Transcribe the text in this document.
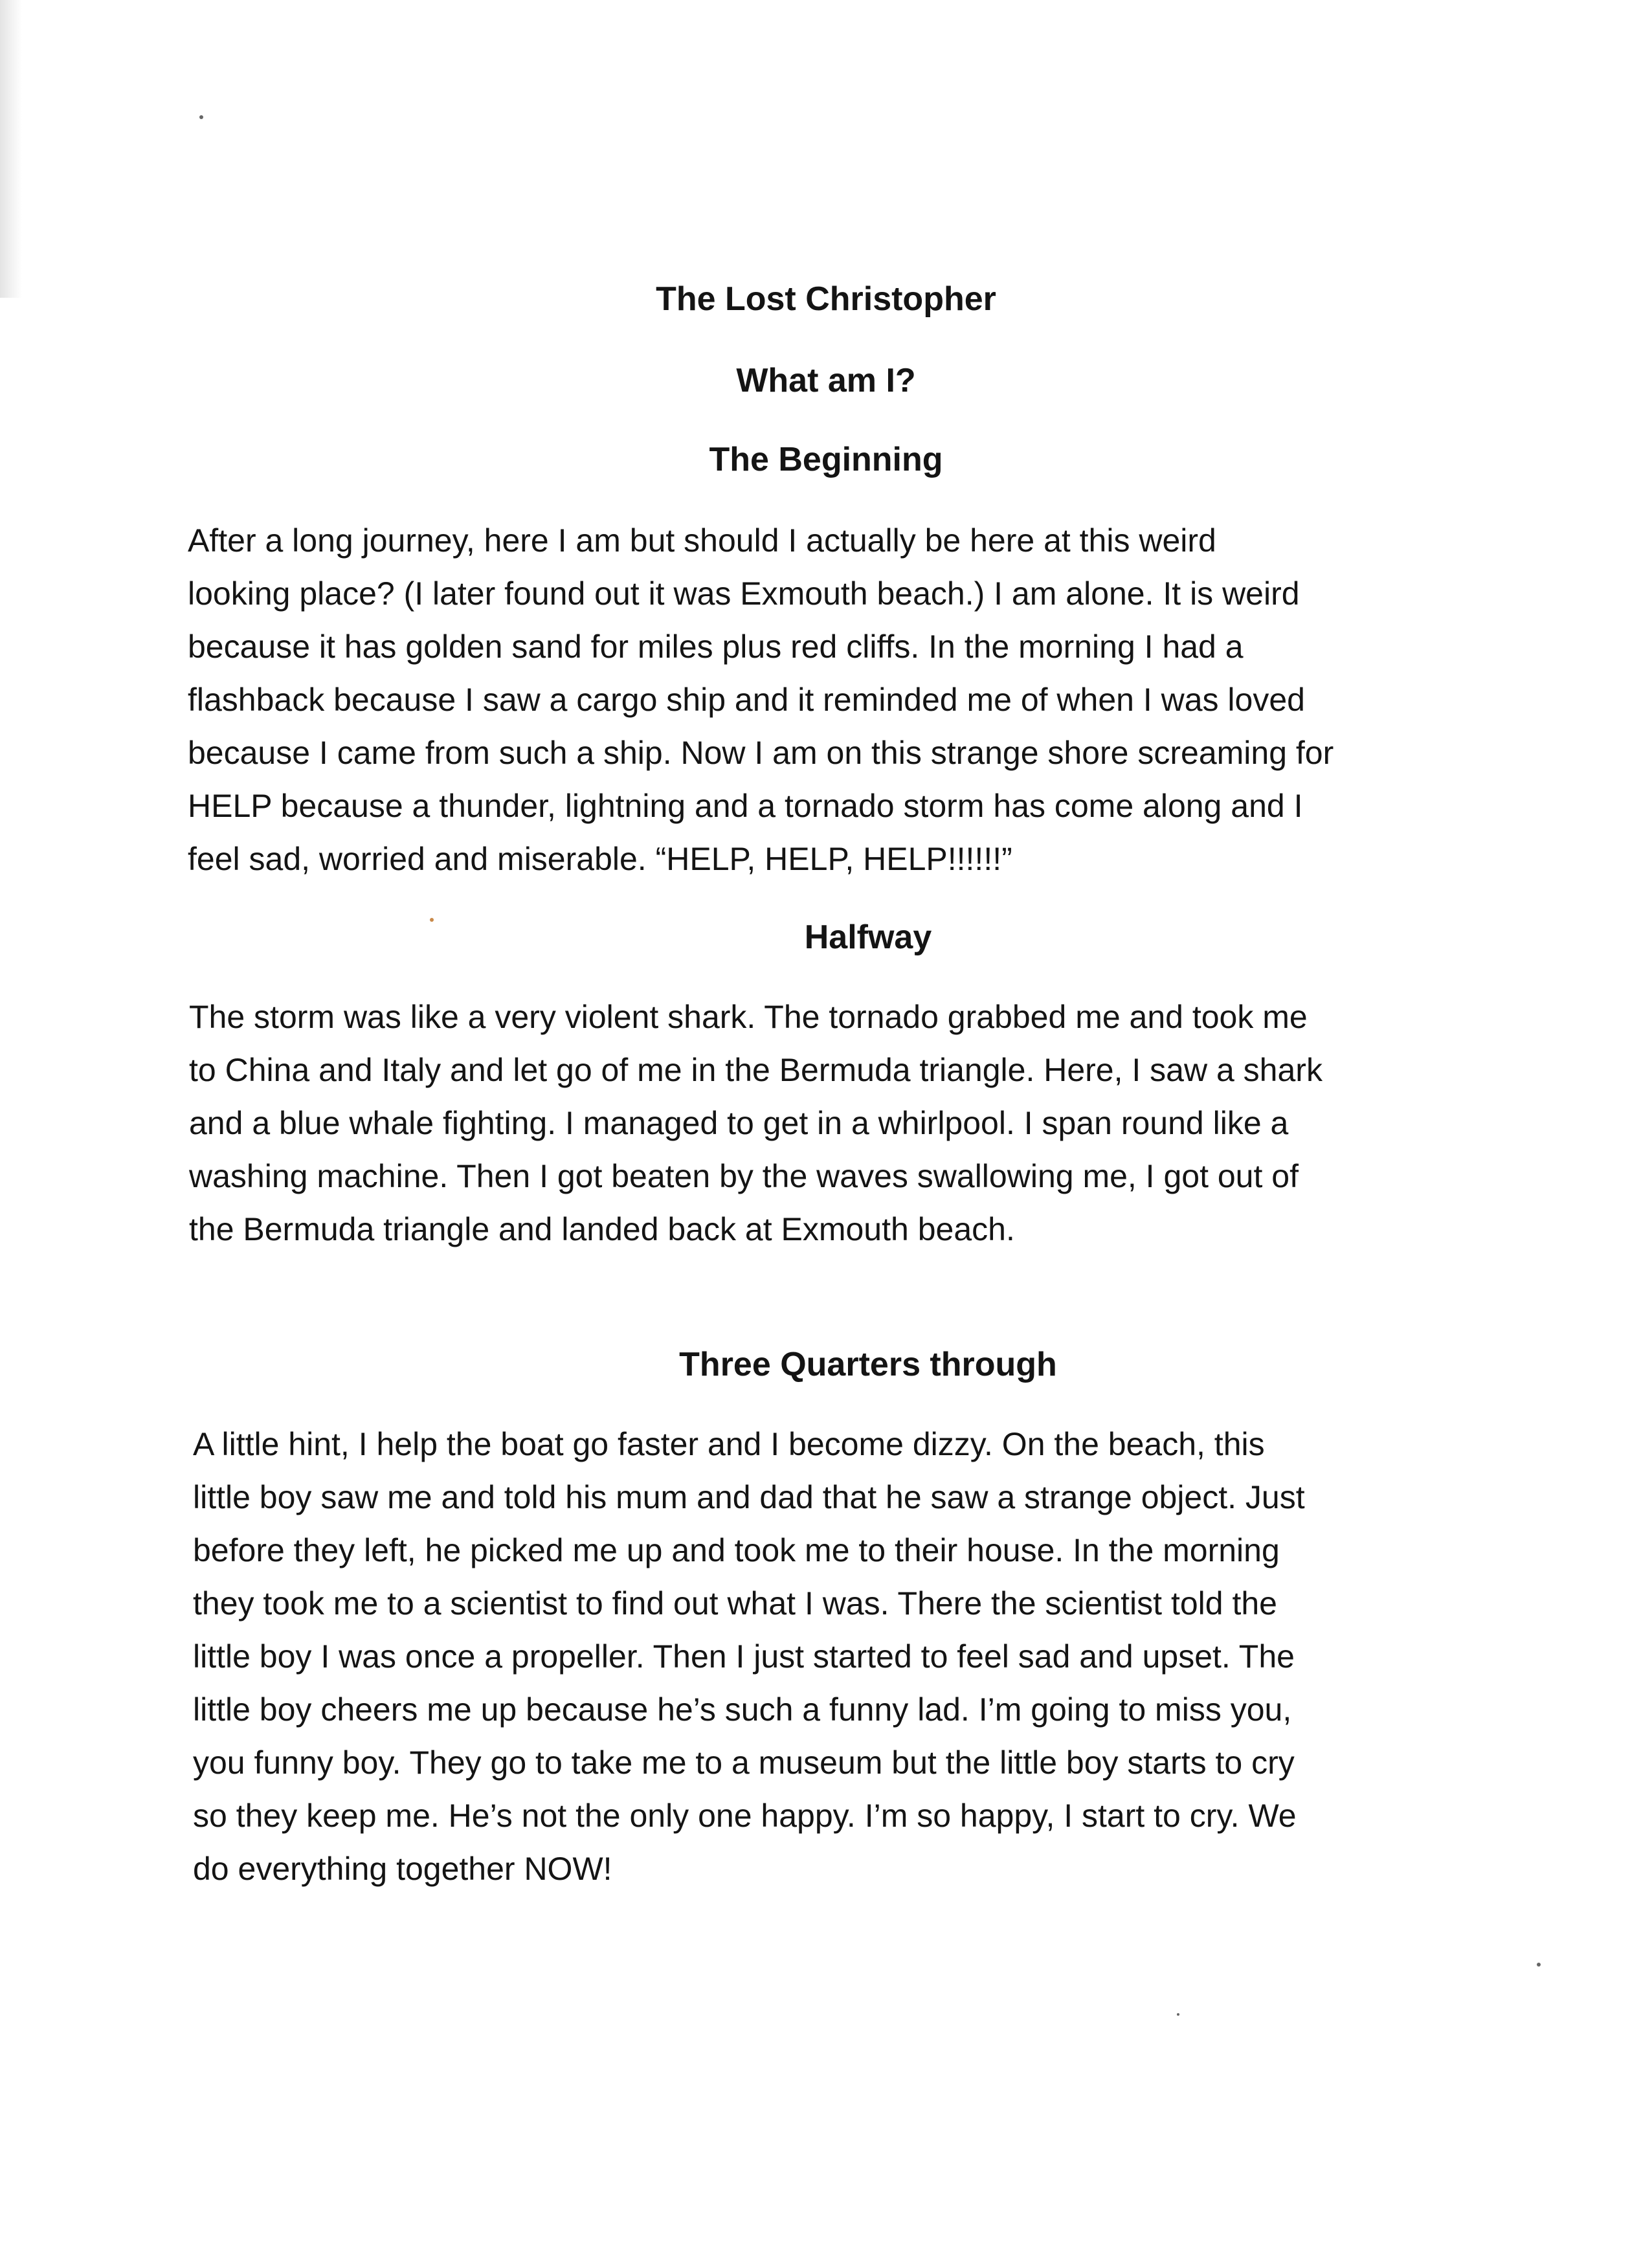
The Lost Christopher
What am I?
The Beginning
After a long journey, here I am but should I actually be here at this weird
looking place? (I later found out it was Exmouth beach.) I am alone. It is weird
because it has golden sand for miles plus red cliffs. In the morning I had a
flashback because I saw a cargo ship and it reminded me of when I was loved
because I came from such a ship. Now I am on this strange shore screaming for
HELP because a thunder, lightning and a tornado storm has come along and I
feel sad, worried and miserable. “HELP, HELP, HELP!!!!!!”
Halfway
The storm was like a very violent shark. The tornado grabbed me and took me
to China and Italy and let go of me in the Bermuda triangle. Here, I saw a shark
and a blue whale fighting. I managed to get in a whirlpool. I span round like a
washing machine. Then I got beaten by the waves swallowing me, I got out of
the Bermuda triangle and landed back at Exmouth beach.
Three Quarters through
A little hint, I help the boat go faster and I become dizzy. On the beach, this
little boy saw me and told his mum and dad that he saw a strange object. Just
before they left, he picked me up and took me to their house. In the morning
they took me to a scientist to find out what I was. There the scientist told the
little boy I was once a propeller. Then I just started to feel sad and upset. The
little boy cheers me up because he’s such a funny lad. I’m going to miss you,
you funny boy. They go to take me to a museum but the little boy starts to cry
so they keep me. He’s not the only one happy. I’m so happy, I start to cry. We
do everything together NOW!
